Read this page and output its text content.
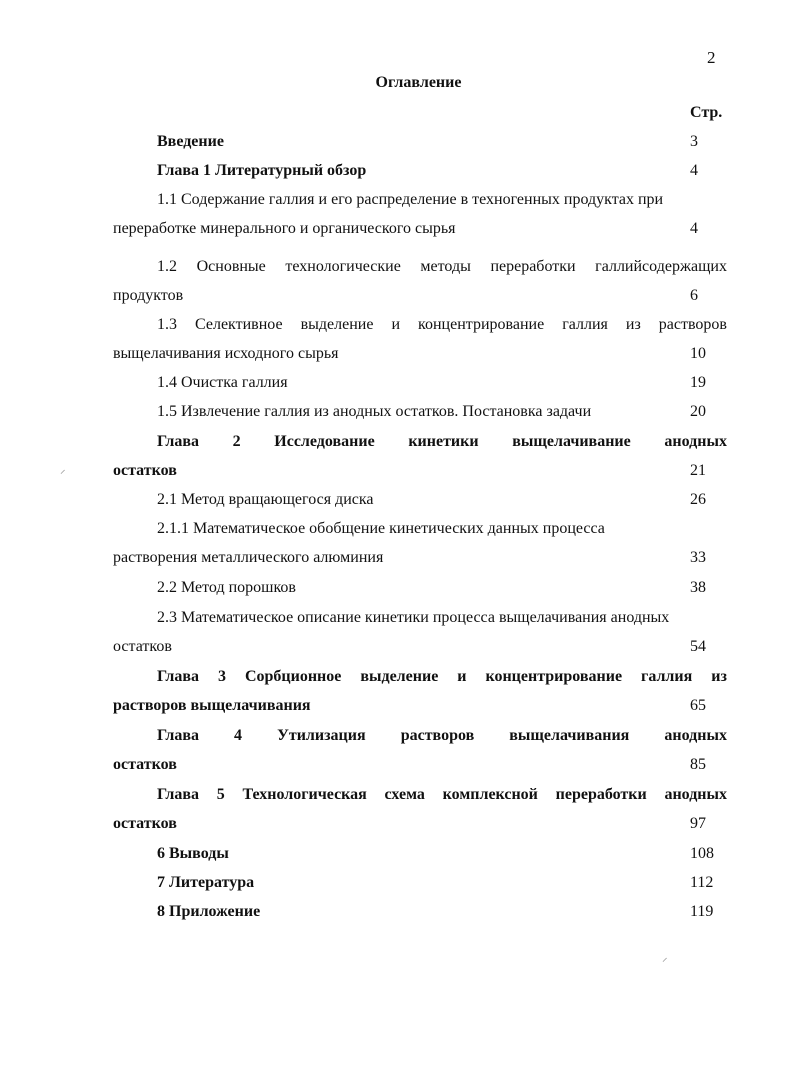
2
Оглавление
Стр.
Введение	3
Глава 1 Литературный обзор	4
1.1 Содержание галлия и его распределение в техногенных продуктах при
переработке минерального и органического сырья	4
1.2 Основные технологические методы переработки галлийсодержащих
продуктов	6
1.3 Селективное выделение и концентрирование галлия из растворов
выщелачивания исходного сырья	10
1.4 Очистка галлия	19
1.5 Извлечение галлия из анодных остатков. Постановка задачи	20
Глава 2 Исследование кинетики выщелачивание анодных
остатков	21
2.1 Метод вращающегося диска	26
2.1.1 Математическое обобщение кинетических данных процесса
растворения металлического алюминия	33
2.2 Метод порошков	38
2.3 Математическое описание кинетики процесса выщелачивания анодных
остатков	54
Глава 3 Сорбционное выделение и концентрирование галлия из
растворов выщелачивания	65
Глава 4 Утилизация растворов выщелачивания анодных
остатков	85
Глава 5 Технологическая схема комплексной переработки анодных
остатков	97
6 Выводы	108
7 Литература	112
8 Приложение	119
⸝
⸝
